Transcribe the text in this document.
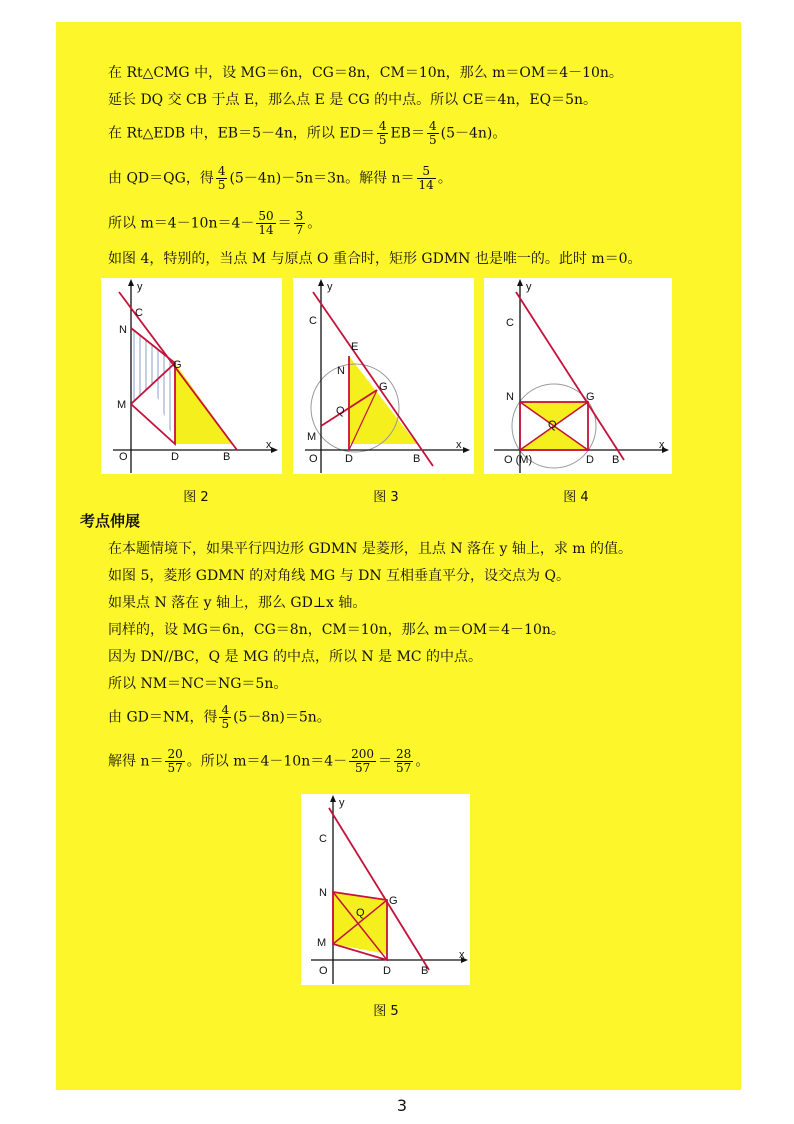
在 Rt△CMG 中，设 MG＝6n，CG＝8n，CM＝10n，那么 m＝OM＝4－10n。
延长 DQ 交 CB 于点 E，那么点 E 是 CG 的中点。所以 CE＝4n，EQ＝5n。
在 Rt△EDB 中，EB＝5－4n，所以 $ED= \frac{4}{5} EB= \frac{4}{5} (5-4n)$。
由 QD＝QG，得 $\frac{4}{5} (5-4n)-5n=3n$。解得 $n= \frac{5}{14}$ 。
所以 $m=4-10n=4- \frac{50}{14} = \frac{3}{7}$ 。
如图 4，特别的，当点 M 与原点 O 重合时，矩形 GDMN 也是唯一的。此时 m＝0。
y
x
C
N
G
M
O	D	B
图 2
y
x
C
E
N
G
Q
M
O D	B
图 3
y
x
C
N	G
Q
O (M)	D B
图 4
考点伸展
在本题情境下，如果平行四边形 GDMN 是菱形，且点 N 落在 y 轴上，求 m 的值。
如图 5，菱形 GDMN 的对角线 MG 与 DN 互相垂直平分，设交点为 Q。
如果点 N 落在 y 轴上，那么 GD⊥x 轴。
同样的，设 MG＝6n，CG＝8n，CM＝10n，那么 m＝OM＝4－10n。
因为 DN//BC，Q 是 MG 的中点，所以 N 是 MC 的中点。
所以 NM＝NC＝NG＝5n。
由 GD＝NM，得 $\frac{4}{5} (5-8n)=5n$。
解得 $n= \frac{20}{57}$ 。所以 $m=4-10n=4- \frac{200}{57} = \frac{28}{57}$ 。
y
x
C
N
G
Q
M
O	D	B
图 5
3
